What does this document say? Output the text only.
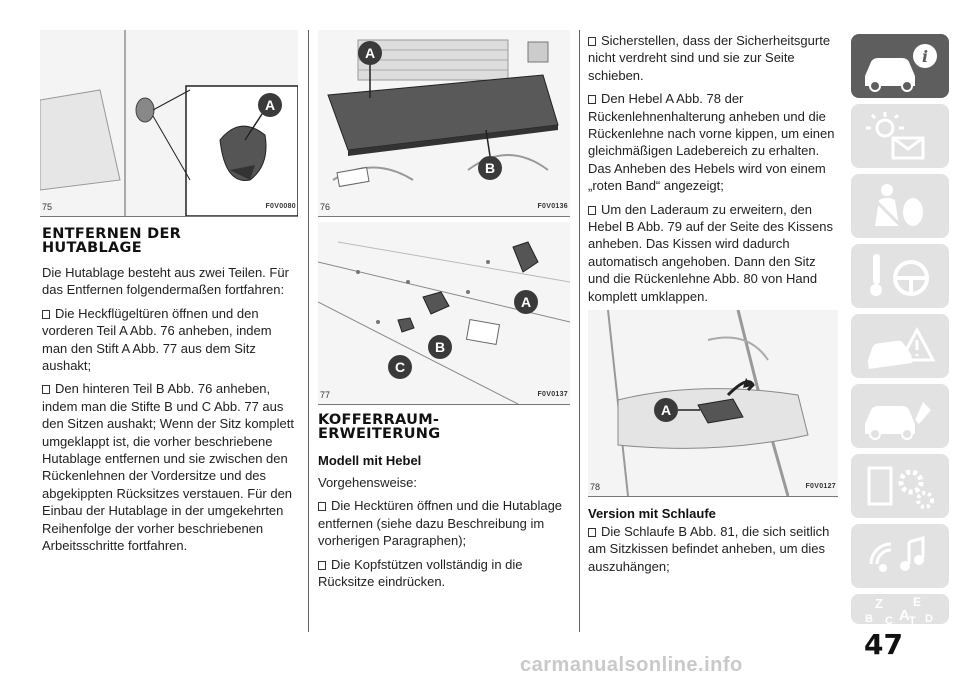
A
75	F0V0080
ENTFERNEN DER
HUTABLAGE
Die Hutablage besteht aus zwei Teilen. Für das Entfernen folgendermaßen fortfahren:
Die Heckflügeltüren öffnen und den vorderen Teil A Abb. 76 anheben, indem man den Stift A Abb. 77 aus dem Sitz aushakt;
Den hinteren Teil B Abb. 76 anheben, indem man die Stifte B und C Abb. 77 aus den Sitzen aushakt; Wenn der Sitz komplett umgeklappt ist, die vorher beschriebene Hutablage entfernen und sie zwischen den Rückenlehnen der Vordersitze und des abgekippten Rücksitzes verstauen. Für den Einbau der Hutablage in der umgekehrten Reihenfolge der vorher beschriebenen Arbeitsschritte fortfahren.
A
B
76	F0V0136
A
B
C
77	F0V0137
KOFFERRAUM-
ERWEITERUNG
Modell mit Hebel
Vorgehensweise:
Die Hecktüren öffnen und die Hutablage entfernen (siehe dazu Beschreibung im vorherigen Paragraphen);
Die Kopfstützen vollständig in die Rücksitze eindrücken.
Sicherstellen, dass der Sicherheitsgurte nicht verdreht sind und sie zur Seite schieben.
Den Hebel A Abb. 78 der Rückenlehnenhalterung anheben und die Rückenlehne nach vorne kippen, um einen gleichmäßigen Ladebereich zu erhalten. Das Anheben des Hebels wird von einem „roten Band“ angezeigt;
Um den Laderaum zu erweitern, den Hebel B Abb. 79 auf der Seite des Kissens anheben. Das Kissen wird dadurch automatisch angehoben. Dann den Sitz und die Rückenlehne Abb. 80 von Hand komplett umklappen.
A
78	F0V0127
Version mit Schlaufe
Die Schlaufe B Abb. 81, die sich seitlich am Sitzkissen befindet anheben, um dies auszuhängen;
i
Z	E
B A
C T D
47
carmanualsonline.info
